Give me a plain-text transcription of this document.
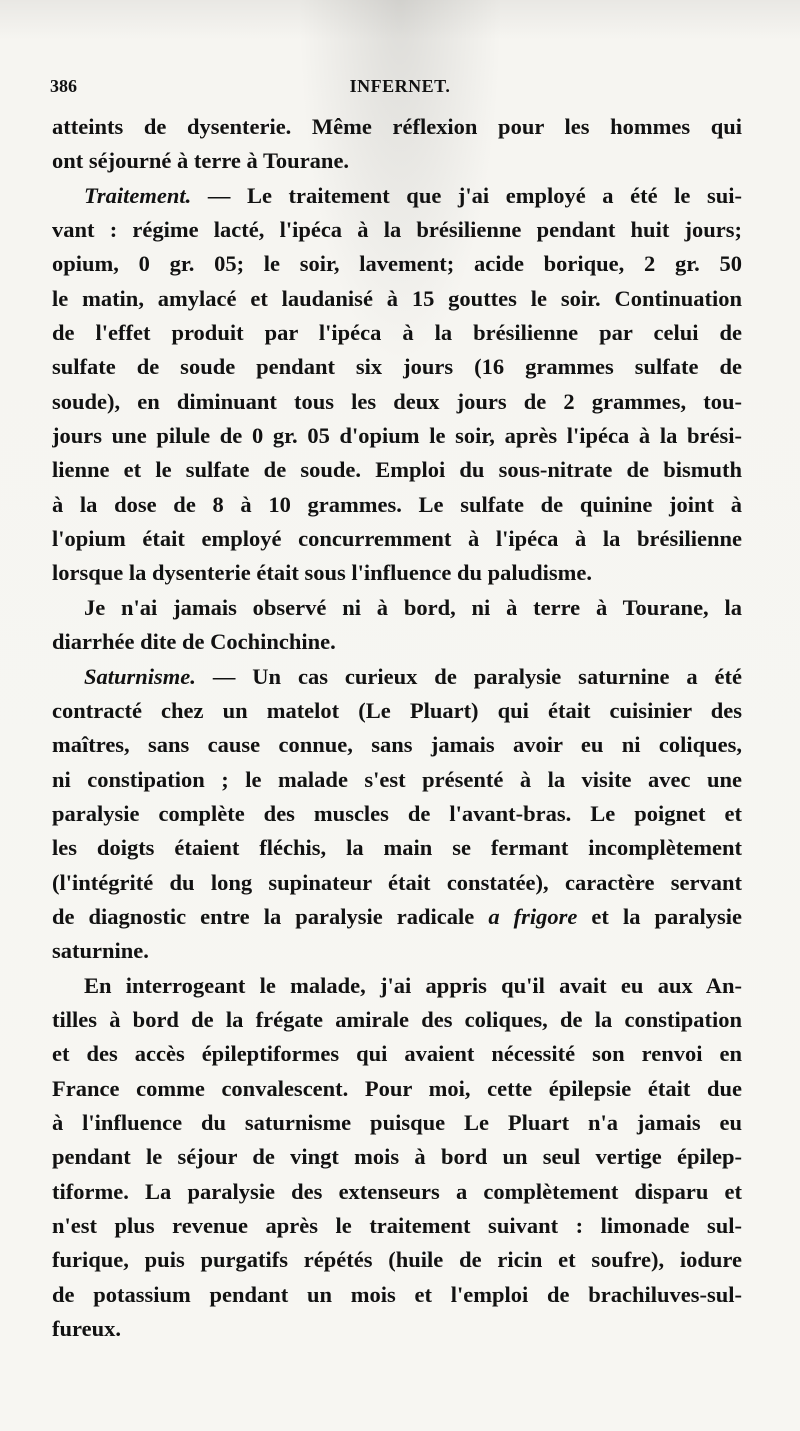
386	INFERNET.
atteints de dysenterie. Même réflexion pour les hommes qui
ont séjourné à terre à Tourane.
Traitement. — Le traitement que j'ai employé a été le sui-
vant : régime lacté, l'ipéca à la brésilienne pendant huit jours;
opium, 0 gr. 05; le soir, lavement; acide borique, 2 gr. 50
le matin, amylacé et laudanisé à 15 gouttes le soir. Continuation
de l'effet produit par l'ipéca à la brésilienne par celui de
sulfate de soude pendant six jours (16 grammes sulfate de
soude), en diminuant tous les deux jours de 2 grammes, tou-
jours une pilule de 0 gr. 05 d'opium le soir, après l'ipéca à la brési-
lienne et le sulfate de soude. Emploi du sous-nitrate de bismuth
à la dose de 8 à 10 grammes. Le sulfate de quinine joint à
l'opium était employé concurremment à l'ipéca à la brésilienne
lorsque la dysenterie était sous l'influence du paludisme.
Je n'ai jamais observé ni à bord, ni à terre à Tourane, la
diarrhée dite de Cochinchine.
Saturnisme. — Un cas curieux de paralysie saturnine a été
contracté chez un matelot (Le Pluart) qui était cuisinier des
maîtres, sans cause connue, sans jamais avoir eu ni coliques,
ni constipation ; le malade s'est présenté à la visite avec une
paralysie complète des muscles de l'avant-bras. Le poignet et
les doigts étaient fléchis, la main se fermant incomplètement
(l'intégrité du long supinateur était constatée), caractère servant
de diagnostic entre la paralysie radicale a frigore et la paralysie
saturnine.
En interrogeant le malade, j'ai appris qu'il avait eu aux An-
tilles à bord de la frégate amirale des coliques, de la constipation
et des accès épileptiformes qui avaient nécessité son renvoi en
France comme convalescent. Pour moi, cette épilepsie était due
à l'influence du saturnisme puisque Le Pluart n'a jamais eu
pendant le séjour de vingt mois à bord un seul vertige épilep-
tiforme. La paralysie des extenseurs a complètement disparu et
n'est plus revenue après le traitement suivant : limonade sul-
furique, puis purgatifs répétés (huile de ricin et soufre), iodure
de potassium pendant un mois et l'emploi de brachiluves-sul-
fureux.
